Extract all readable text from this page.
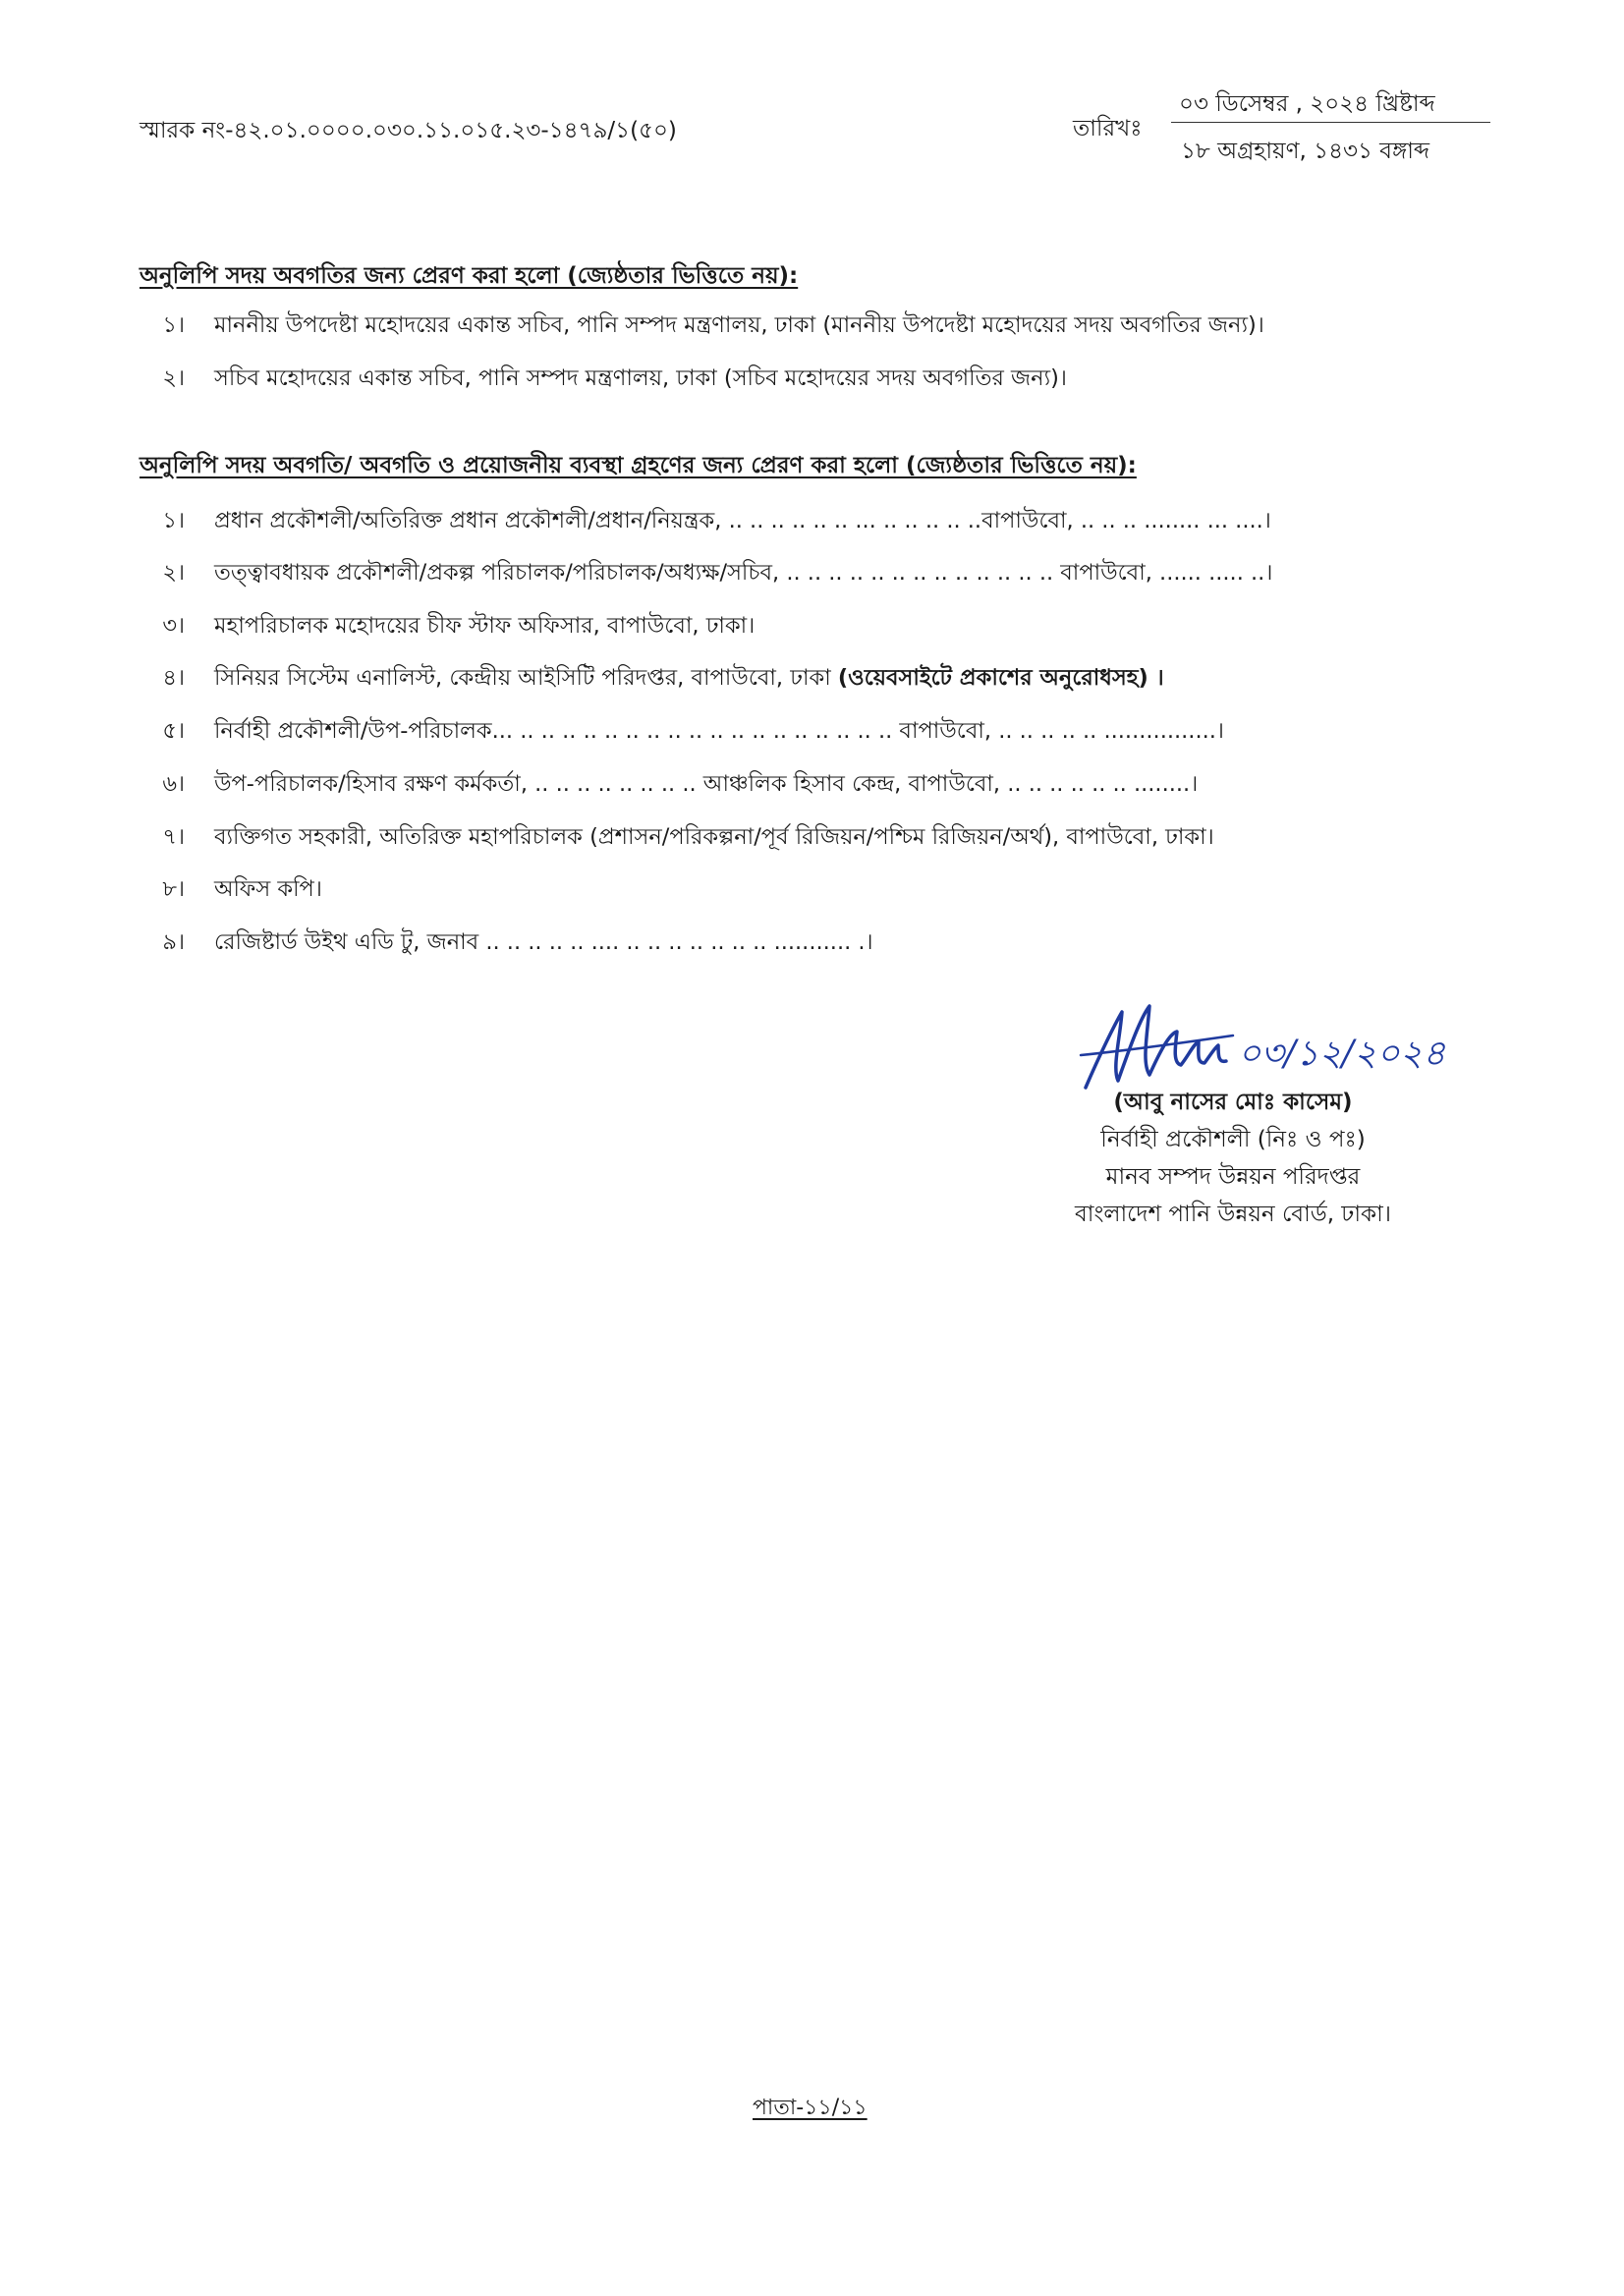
স্মারক নং-৪২.০১.০০০০.০৩০.১১.০১৫.২৩-১৪৭৯/১(৫০)	তারিখঃ
০৩ ডিসেম্বর , ২০২৪ খ্রিষ্টাব্দ
১৮ অগ্রহায়ণ, ১৪৩১ বঙ্গাব্দ
অনুলিপি সদয় অবগতির জন্য প্রেরণ করা হলো (জ্যেষ্ঠতার ভিত্তিতে নয়):
১। মাননীয় উপদেষ্টা মহোদয়ের একান্ত সচিব, পানি সম্পদ মন্ত্রণালয়, ঢাকা (মাননীয় উপদেষ্টা মহোদয়ের সদয় অবগতির জন্য)।
২। সচিব মহোদয়ের একান্ত সচিব, পানি সম্পদ মন্ত্রণালয়, ঢাকা (সচিব মহোদয়ের সদয় অবগতির জন্য)।
অনুলিপি সদয় অবগতি/ অবগতি ও প্রয়োজনীয় ব্যবস্থা গ্রহণের জন্য প্রেরণ করা হলো (জ্যেষ্ঠতার ভিত্তিতে নয়):
১। প্রধান প্রকৌশলী/অতিরিক্ত প্রধান প্রকৌশলী/প্রধান/নিয়ন্ত্রক, .. .. .. .. .. .. ... .. .. .. .. ..বাপাউবো, .. .. .. ........ ... ....।
২। তত্ত্বাবধায়ক প্রকৌশলী/প্রকল্প পরিচালক/পরিচালক/অধ্যক্ষ/সচিব, .. .. .. .. .. .. .. .. .. .. .. .. .. বাপাউবো, ...... ..... ..।
৩। মহাপরিচালক মহোদয়ের চীফ স্টাফ অফিসার, বাপাউবো, ঢাকা।
৪। সিনিয়র সিস্টেম এনালিস্ট, কেন্দ্রীয় আইসিটি পরিদপ্তর, বাপাউবো, ঢাকা (ওয়েবসাইটে প্রকাশের অনুরোধসহ) ।
৫। নির্বাহী প্রকৌশলী/উপ-পরিচালক... .. .. .. .. .. .. .. .. .. .. .. .. .. .. .. .. .. .. বাপাউবো, .. .. .. .. .. ................।
৬। উপ-পরিচালক/হিসাব রক্ষণ কর্মকর্তা, .. .. .. .. .. .. .. .. আঞ্চলিক হিসাব কেন্দ্র, বাপাউবো, .. .. .. .. .. .. ........।
৭। ব্যক্তিগত সহকারী, অতিরিক্ত মহাপরিচালক (প্রশাসন/পরিকল্পনা/পূর্ব রিজিয়ন/পশ্চিম রিজিয়ন/অর্থ), বাপাউবো, ঢাকা।
৮। অফিস কপি।
৯। রেজিষ্টার্ড উইথ এডি টু, জনাব .. .. .. .. .. .... .. .. .. .. .. .. .. ........... .।
০৩/১২/২০২৪
(আবু নাসের মোঃ কাসেম)
নির্বাহী প্রকৌশলী (নিঃ ও পঃ)
মানব সম্পদ উন্নয়ন পরিদপ্তর
বাংলাদেশ পানি উন্নয়ন বোর্ড, ঢাকা।
পাতা-১১/১১
